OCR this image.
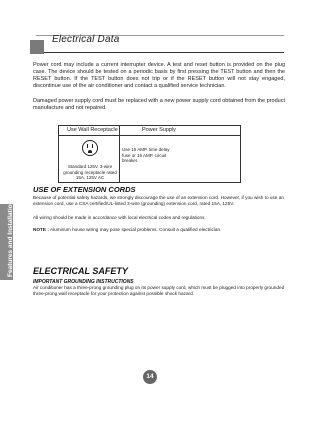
Electrical Data
Features and Installation
Power cord may include a current interrupter device. A test and reset button is provided on the plug case. The device should be tested on a periodic basis by first pressing the TEST button and then the RESET button. If the TEST button does not trip or if the RESET button will not stay engaged, discontinue use of the air conditioner and contact a qualified service technician.
Damaged power supply cord must be replaced with a new power supply cord obtained from the product manufacture and not repaired.
Use Wall Receptacle	Power Supply
Standard 125V, 3-wire grounding receptacle rated 15A, 125V AC
Use 15 AMP. time delay fuse or 15 AMP. circuit breaker.
USE OF EXTENSION CORDS
Because of potential safety hazards, we strongly discourage the use of an extension cord. However, if you wish to use an extension cord, use a CSA certified/UL-listed 3-wire (grounding) extension cord, rated 15A, 125V.
All wiring should be made in accordance with local electrical codes and regulations.
NOTE : Aluminum house wiring may pose special problems. Consult a qualified electrician.
ELECTRICAL SAFETY
IMPORTANT GROUNDING INSTRUCTIONS
Air conditioner has a three-prong grounding plug on its power supply cord, which must be plugged into properly grounded three-prong wall receptacle for your protection against possible shock hazard.
14
